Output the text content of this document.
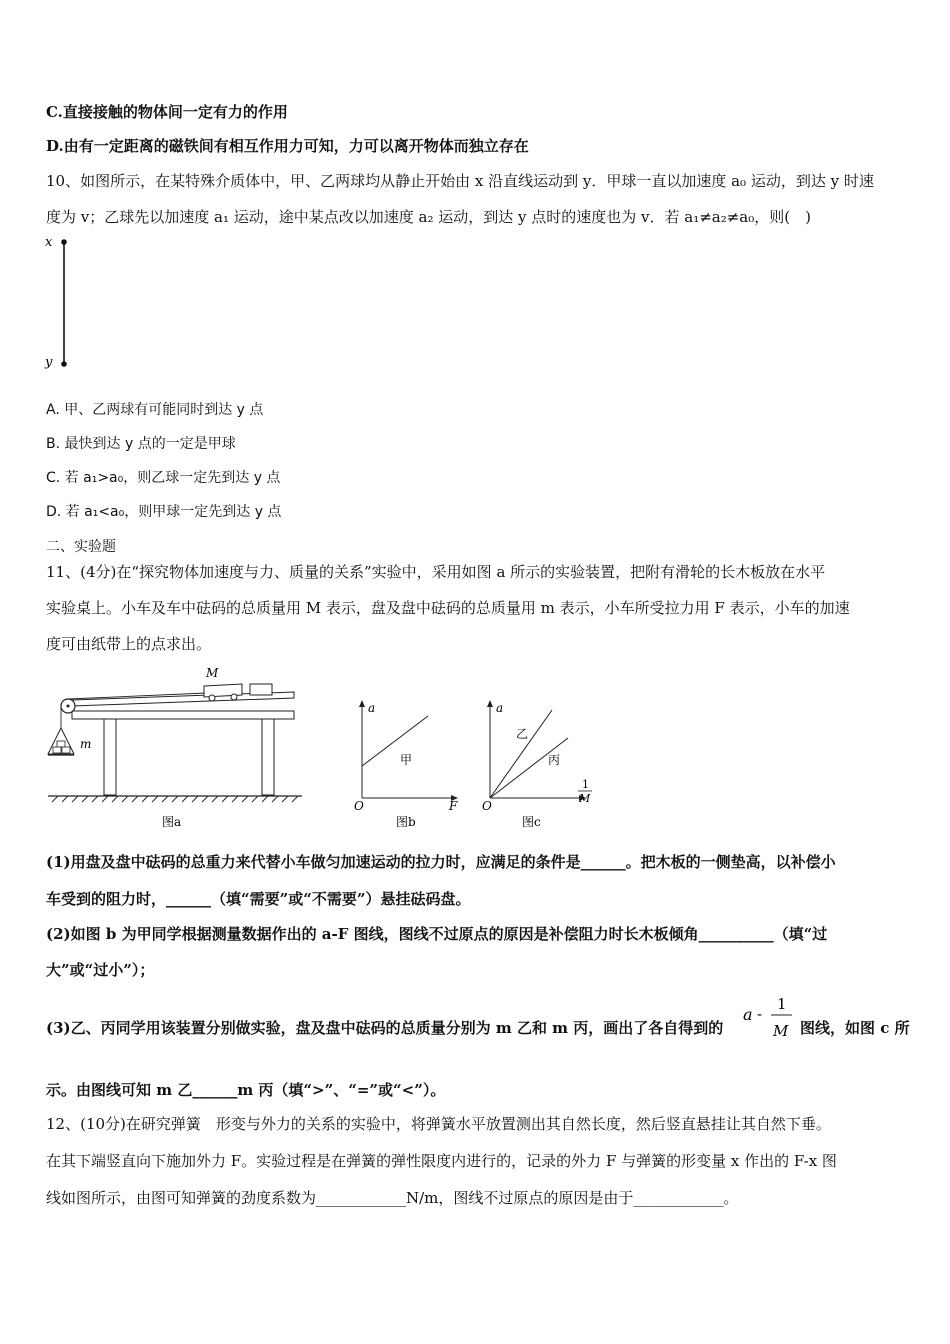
C.直接接触的物体间一定有力的作用
D.由有一定距离的磁铁间有相互作用力可知，力可以离开物体而独立存在
10、如图所示，在某特殊介质体中，甲、乙两球均从静止开始由 x 沿直线运动到 y．甲球一直以加速度 a₀ 运动，到达 y 时速
度为 v；乙球先以加速度 a₁ 运动，途中某点改以加速度 a₂ 运动，到达 y 点时的速度也为 v．若 a₁≠a₂≠a₀，则(　)
x
y
A. 甲、乙两球有可能同时到达 y 点
B. 最快到达 y 点的一定是甲球
C. 若 a₁>a₀，则乙球一定先到达 y 点
D. 若 a₁<a₀，则甲球一定先到达 y 点
二、实验题
11、(4分)在“探究物体加速度与力、质量的关系”实验中，采用如图 a 所示的实验装置，把附有滑轮的长木板放在水平
实验桌上。小车及车中砝码的总质量用 M 表示，盘及盘中砝码的总质量用 m 表示，小车所受拉力用 F 表示，小车的加速
度可由纸带上的点求出。
m
M
图a
a
O	F
甲
图b
a
O
1
M
乙
丙
图c
(1)用盘及盘中砝码的总重力来代替小车做匀加速运动的拉力时，应满足的条件是______。把木板的一侧垫高，以补偿小
车受到的阻力时，______（填“需要”或“不需要”）悬挂砝码盘。
(2)如图 b 为甲同学根据测量数据作出的 a-F 图线，图线不过原点的原因是补偿阻力时长木板倾角__________（填“过
大”或“过小”）；
(3)乙、丙同学用该装置分别做实验，盘及盘中砝码的总质量分别为 m 乙和 m 丙，画出了各自得到的
a -
1
M 图线，如图 c 所
示。由图线可知 m 乙______m 丙（填“>”、“=”或“<”）。
12、(10分)在研究弹簧　形变与外力的关系的实验中，将弹簧水平放置测出其自然长度，然后竖直悬挂让其自然下垂。
在其下端竖直向下施加外力 F。实验过程是在弹簧的弹性限度内进行的，记录的外力 F 与弹簧的形变量 x 作出的 F-x 图
线如图所示，由图可知弹簧的劲度系数为____________N/m，图线不过原点的原因是由于____________。
